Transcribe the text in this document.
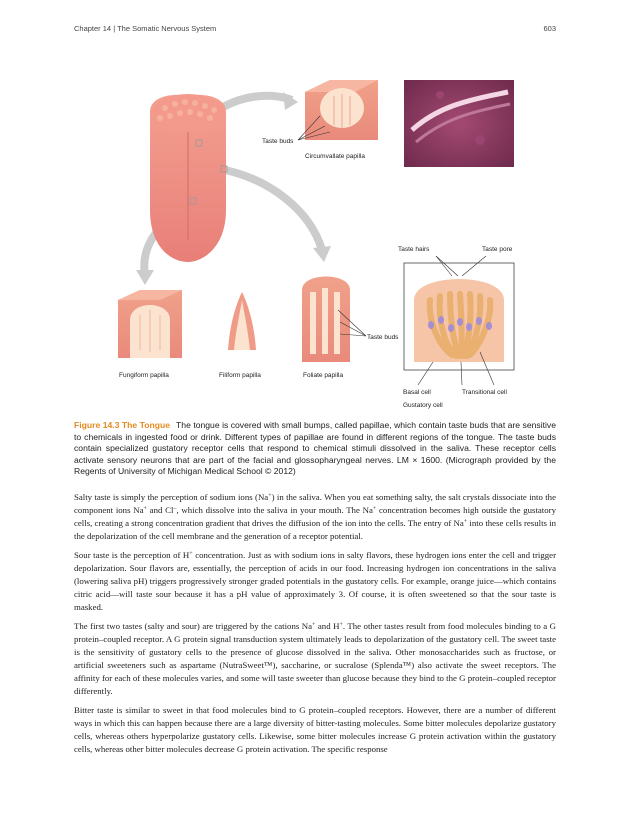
Chapter 14 | The Somatic Nervous System	603
Taste buds
Circumvallate papilla
Fungiform papilla	Filiform papilla
Taste buds
Foliate papilla
Taste hairs	Taste pore
Basal cell	Transitional cell
Gustatory cell
Figure 14.3 The Tongue The tongue is covered with small bumps, called papillae, which contain taste buds that are sensitive to chemicals in ingested food or drink. Different types of papillae are found in different regions of the tongue. The taste buds contain specialized gustatory receptor cells that respond to chemical stimuli dissolved in the saliva. These receptor cells activate sensory neurons that are part of the facial and glossopharyngeal nerves. LM × 1600. (Micrograph provided by the Regents of University of Michigan Medical School © 2012)

Salty taste is simply the perception of sodium ions (Na+) in the saliva. When you eat something salty, the salt crystals dissociate into the component ions Na+ and Cl–, which dissolve into the saliva in your mouth. The Na+ concentration becomes high outside the gustatory cells, creating a strong concentration gradient that drives the diffusion of the ion into the cells. The entry of Na+ into these cells results in the depolarization of the cell membrane and the generation of a receptor potential.

Sour taste is the perception of H+ concentration. Just as with sodium ions in salty flavors, these hydrogen ions enter the cell and trigger depolarization. Sour flavors are, essentially, the perception of acids in our food. Increasing hydrogen ion concentrations in the saliva (lowering saliva pH) triggers progressively stronger graded potentials in the gustatory cells. For example, orange juice—which contains citric acid—will taste sour because it has a pH value of approximately 3. Of course, it is often sweetened so that the sour taste is masked.

The first two tastes (salty and sour) are triggered by the cations Na+ and H+. The other tastes result from food molecules binding to a G protein–coupled receptor. A G protein signal transduction system ultimately leads to depolarization of the gustatory cell. The sweet taste is the sensitivity of gustatory cells to the presence of glucose dissolved in the saliva. Other monosaccharides such as fructose, or artificial sweeteners such as aspartame (NutraSweet™), saccharine, or sucralose (Splenda™) also activate the sweet receptors. The affinity for each of these molecules varies, and some will taste sweeter than glucose because they bind to the G protein–coupled receptor differently.

Bitter taste is similar to sweet in that food molecules bind to G protein–coupled receptors. However, there are a number of different ways in which this can happen because there are a large diversity of bitter-tasting molecules. Some bitter molecules depolarize gustatory cells, whereas others hyperpolarize gustatory cells. Likewise, some bitter molecules increase G protein activation within the gustatory cells, whereas other bitter molecules decrease G protein activation. The specific response
